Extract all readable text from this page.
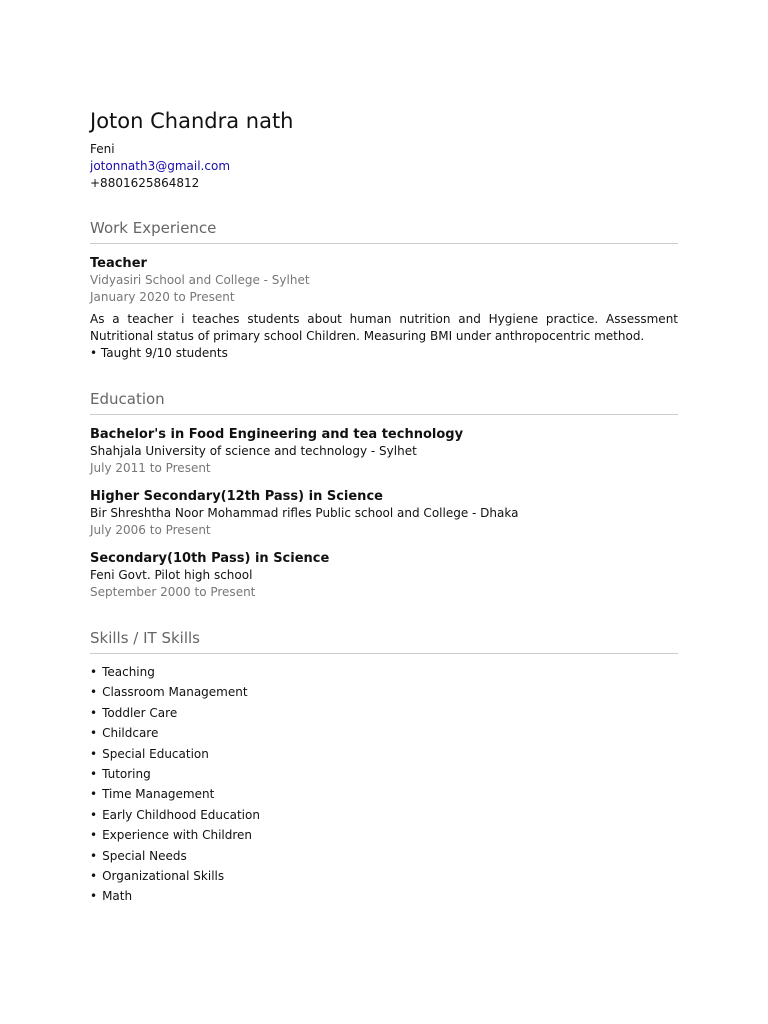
Joton Chandra nath
Feni
jotonnath3@gmail.com
+8801625864812
Work Experience
Teacher
Vidyasiri School and College - Sylhet
January 2020 to Present
As a teacher i teaches students about human nutrition and Hygiene practice. Assessment Nutritional status of primary school Children. Measuring BMI under anthropocentric method.
• Taught 9/10 students
Education
Bachelor's in Food Engineering and tea technology
Shahjala University of science and technology - Sylhet
July 2011 to Present
Higher Secondary(12th Pass) in Science
Bir Shreshtha Noor Mohammad rifles Public school and College - Dhaka
July 2006 to Present
Secondary(10th Pass) in Science
Feni Govt. Pilot high school
September 2000 to Present
Skills / IT Skills
• Teaching
• Classroom Management
• Toddler Care
• Childcare
• Special Education
• Tutoring
• Time Management
• Early Childhood Education
• Experience with Children
• Special Needs
• Organizational Skills
• Math
